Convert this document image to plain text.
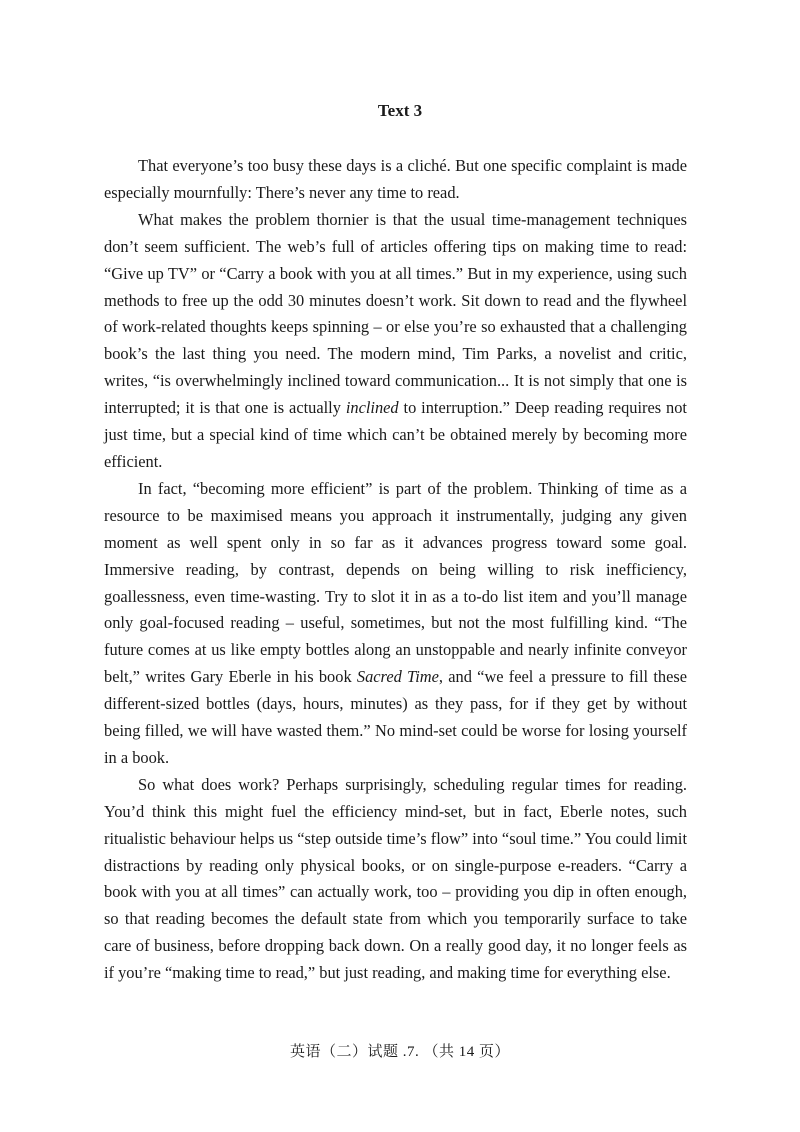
Text 3

That everyone’s too busy these days is a cliché. But one specific complaint is made especially mournfully: There’s never any time to read.

What makes the problem thornier is that the usual time-management techniques don’t seem sufficient. The web’s full of articles offering tips on making time to read: “Give up TV” or “Carry a book with you at all times.” But in my experience, using such methods to free up the odd 30 minutes doesn’t work. Sit down to read and the flywheel of work-related thoughts keeps spinning – or else you’re so exhausted that a challenging book’s the last thing you need. The modern mind, Tim Parks, a novelist and critic, writes, “is overwhelmingly inclined toward communication... It is not simply that one is interrupted; it is that one is actually inclined to interruption.” Deep reading requires not just time, but a special kind of time which can’t be obtained merely by becoming more efficient.

In fact, “becoming more efficient” is part of the problem. Thinking of time as a resource to be maximised means you approach it instrumentally, judging any given moment as well spent only in so far as it advances progress toward some goal. Immersive reading, by contrast, depends on being willing to risk inefficiency, goallessness, even time-wasting. Try to slot it in as a to-do list item and you’ll manage only goal-focused reading – useful, sometimes, but not the most fulfilling kind. “The future comes at us like empty bottles along an unstoppable and nearly infinite conveyor belt,” writes Gary Eberle in his book Sacred Time, and “we feel a pressure to fill these different-sized bottles (days, hours, minutes) as they pass, for if they get by without being filled, we will have wasted them.” No mind-set could be worse for losing yourself in a book.

So what does work? Perhaps surprisingly, scheduling regular times for reading. You’d think this might fuel the efficiency mind-set, but in fact, Eberle notes, such ritualistic behaviour helps us “step outside time’s flow” into “soul time.” You could limit distractions by reading only physical books, or on single-purpose e-readers. “Carry a book with you at all times” can actually work, too – providing you dip in often enough, so that reading becomes the default state from which you temporarily surface to take care of business, before dropping back down. On a really good day, it no longer feels as if you’re “making time to read,” but just reading, and making time for everything else.

英语（二）试题 .7. （共 14 页）
